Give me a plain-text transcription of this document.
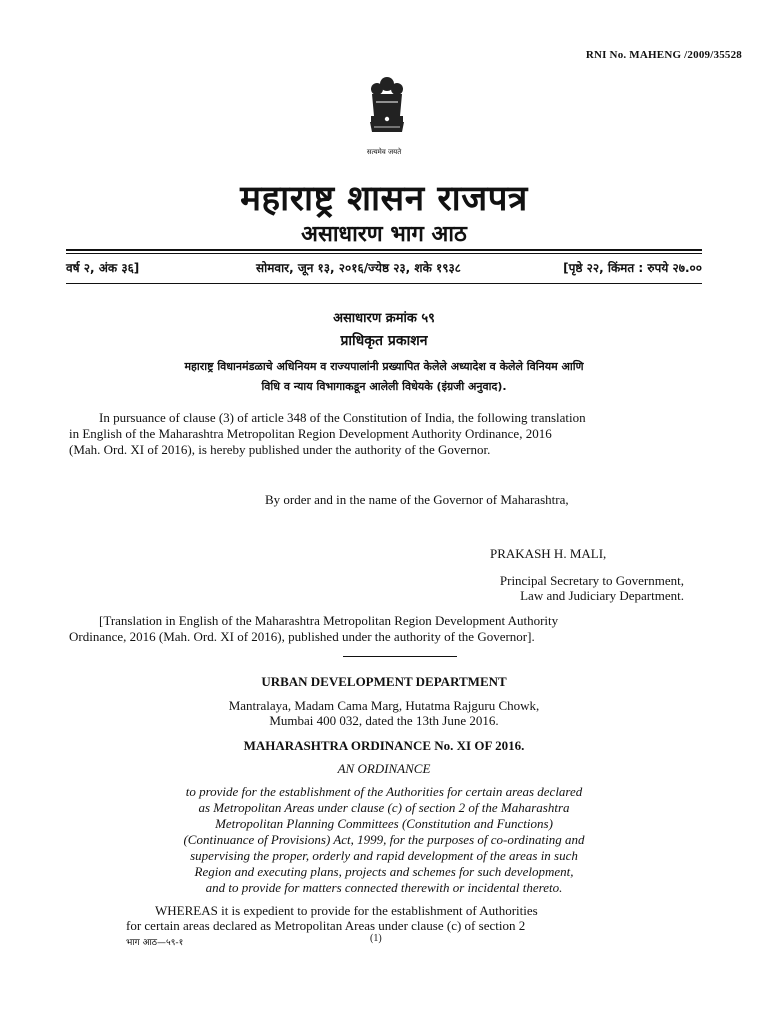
RNI No. MAHENG /2009/35528
सत्यमेव जयते
महाराष्ट्र शासन राजपत्र
असाधारण भाग आठ
वर्ष २, अंक ३६]	सोमवार, जून १३, २०१६/ज्येष्ठ २३, शके १९३८	[पृष्ठे २२, किंमत : रुपये २७.००
असाधारण क्रमांक ५९
प्राधिकृत प्रकाशन
महाराष्ट्र विधानमंडळाचे अधिनियम व राज्यपालांनी प्रख्यापित केलेले अध्यादेश व केलेले विनियम आणि
विधि व न्याय विभागाकडून आलेली विधेयके (इंग्रजी अनुवाद).
In pursuance of clause (3) of article 348 of the Constitution of India, the following translation
in English of the Maharashtra Metropolitan Region Development Authority Ordinance, 2016
(Mah. Ord. XI of 2016), is hereby published under the authority of the Governor.
By order and in the name of the Governor of Maharashtra,
PRAKASH H. MALI,
Principal Secretary to Government,
Law and Judiciary Department.
[Translation in English of the Maharashtra Metropolitan Region Development Authority
Ordinance, 2016 (Mah. Ord. XI of 2016), published under the authority of the Governor].
URBAN DEVELOPMENT DEPARTMENT
Mantralaya, Madam Cama Marg, Hutatma Rajguru Chowk,
Mumbai 400 032, dated the 13th June 2016.
MAHARASHTRA ORDINANCE No. XI OF 2016.
AN ORDINANCE
to provide for the establishment of the Authorities for certain areas declared
as Metropolitan Areas under clause (c) of section 2 of the Maharashtra
Metropolitan Planning Committees (Constitution and Functions)
(Continuance of Provisions) Act, 1999, for the purposes of co-ordinating and
supervising the proper, orderly and rapid development of the areas in such
Region and executing plans, projects and schemes for such development,
and to provide for matters connected therewith or incidental thereto.
WHEREAS it is expedient to provide for the establishment of Authorities
for certain areas declared as Metropolitan Areas under clause (c) of section 2
भाग आठ—५९-१	(1)
